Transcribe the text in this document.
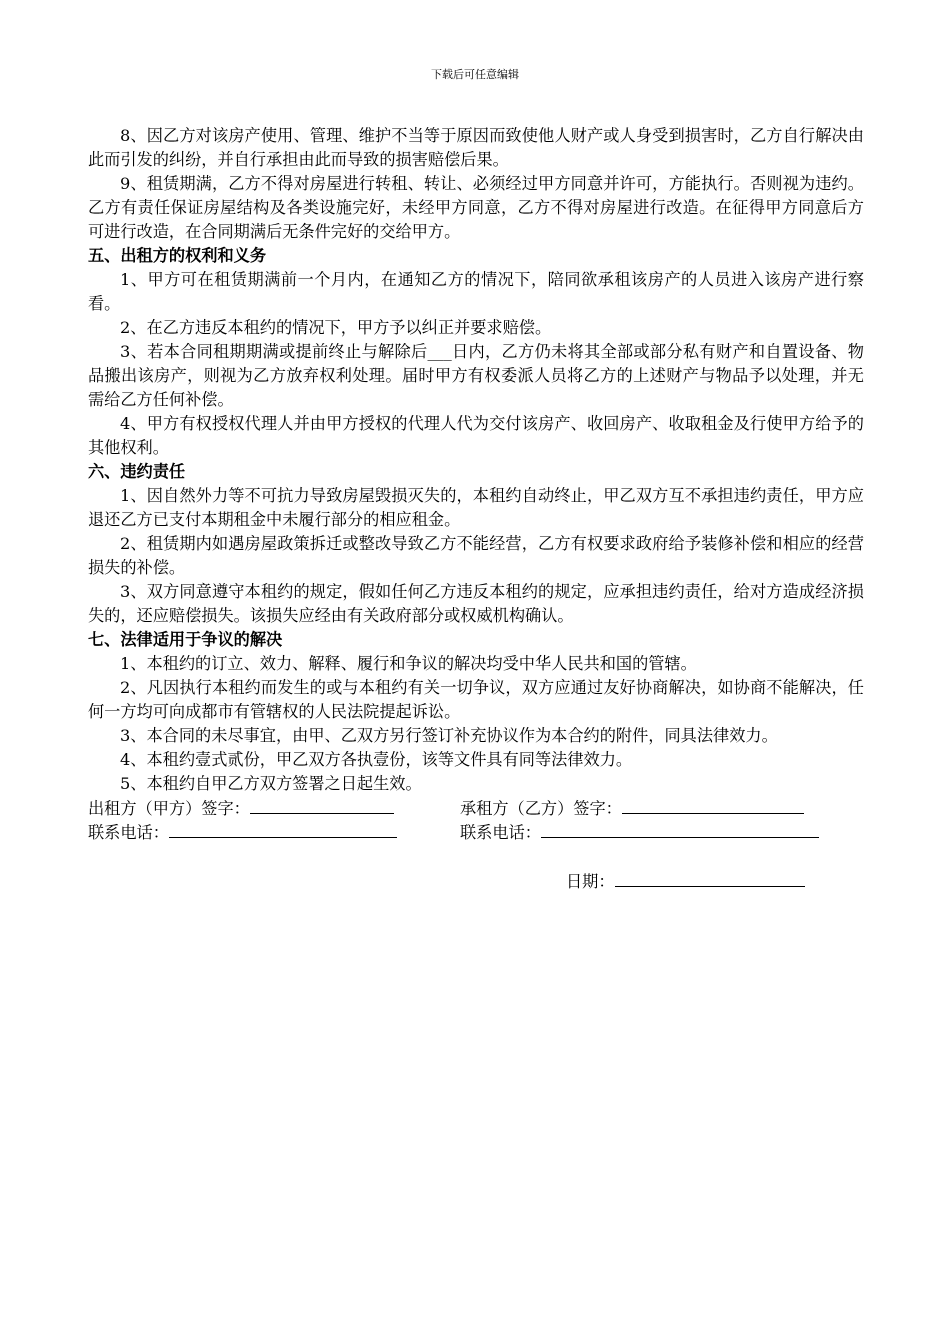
下载后可任意编辑

8、因乙方对该房产使用、管理、维护不当等于原因而致使他人财产或人身受到损害时，乙方自行解决由此而引发的纠纷，并自行承担由此而导致的损害赔偿后果。

9、租赁期满，乙方不得对房屋进行转租、转让、必须经过甲方同意并许可，方能执行。否则视为违约。乙方有责任保证房屋结构及各类设施完好，未经甲方同意，乙方不得对房屋进行改造。在征得甲方同意后方可进行改造，在合同期满后无条件完好的交给甲方。

五、出租方的权利和义务

1、甲方可在租赁期满前一个月内，在通知乙方的情况下，陪同欲承租该房产的人员进入该房产进行察看。

2、在乙方违反本租约的情况下，甲方予以纠正并要求赔偿。

3、若本合同租期期满或提前终止与解除后___日内，乙方仍未将其全部或部分私有财产和自置设备、物品搬出该房产，则视为乙方放弃权利处理。届时甲方有权委派人员将乙方的上述财产与物品予以处理，并无需给乙方任何补偿。

4、甲方有权授权代理人并由甲方授权的代理人代为交付该房产、收回房产、收取租金及行使甲方给予的其他权利。

六、违约责任

1、因自然外力等不可抗力导致房屋毁损灭失的，本租约自动终止，甲乙双方互不承担违约责任，甲方应退还乙方已支付本期租金中未履行部分的相应租金。

2、租赁期内如遇房屋政策拆迁或整改导致乙方不能经营，乙方有权要求政府给予装修补偿和相应的经营损失的补偿。

3、双方同意遵守本租约的规定，假如任何乙方违反本租约的规定，应承担违约责任，给对方造成经济损失的，还应赔偿损失。该损失应经由有关政府部分或权威机构确认。

七、法律适用于争议的解决

1、本租约的订立、效力、解释、履行和争议的解决均受中华人民共和国的管辖。

2、凡因执行本租约而发生的或与本租约有关一切争议，双方应通过友好协商解决，如协商不能解决，任何一方均可向成都市有管辖权的人民法院提起诉讼。

3、本合同的未尽事宜，由甲、乙双方另行签订补充协议作为本合约的附件，同具法律效力。

4、本租约壹式贰份，甲乙双方各执壹份，该等文件具有同等法律效力。

5、本租约自甲乙方双方签署之日起生效。

出租方（甲方）签字：	承租方（乙方）签字：
联系电话：	联系电话：
日期：
